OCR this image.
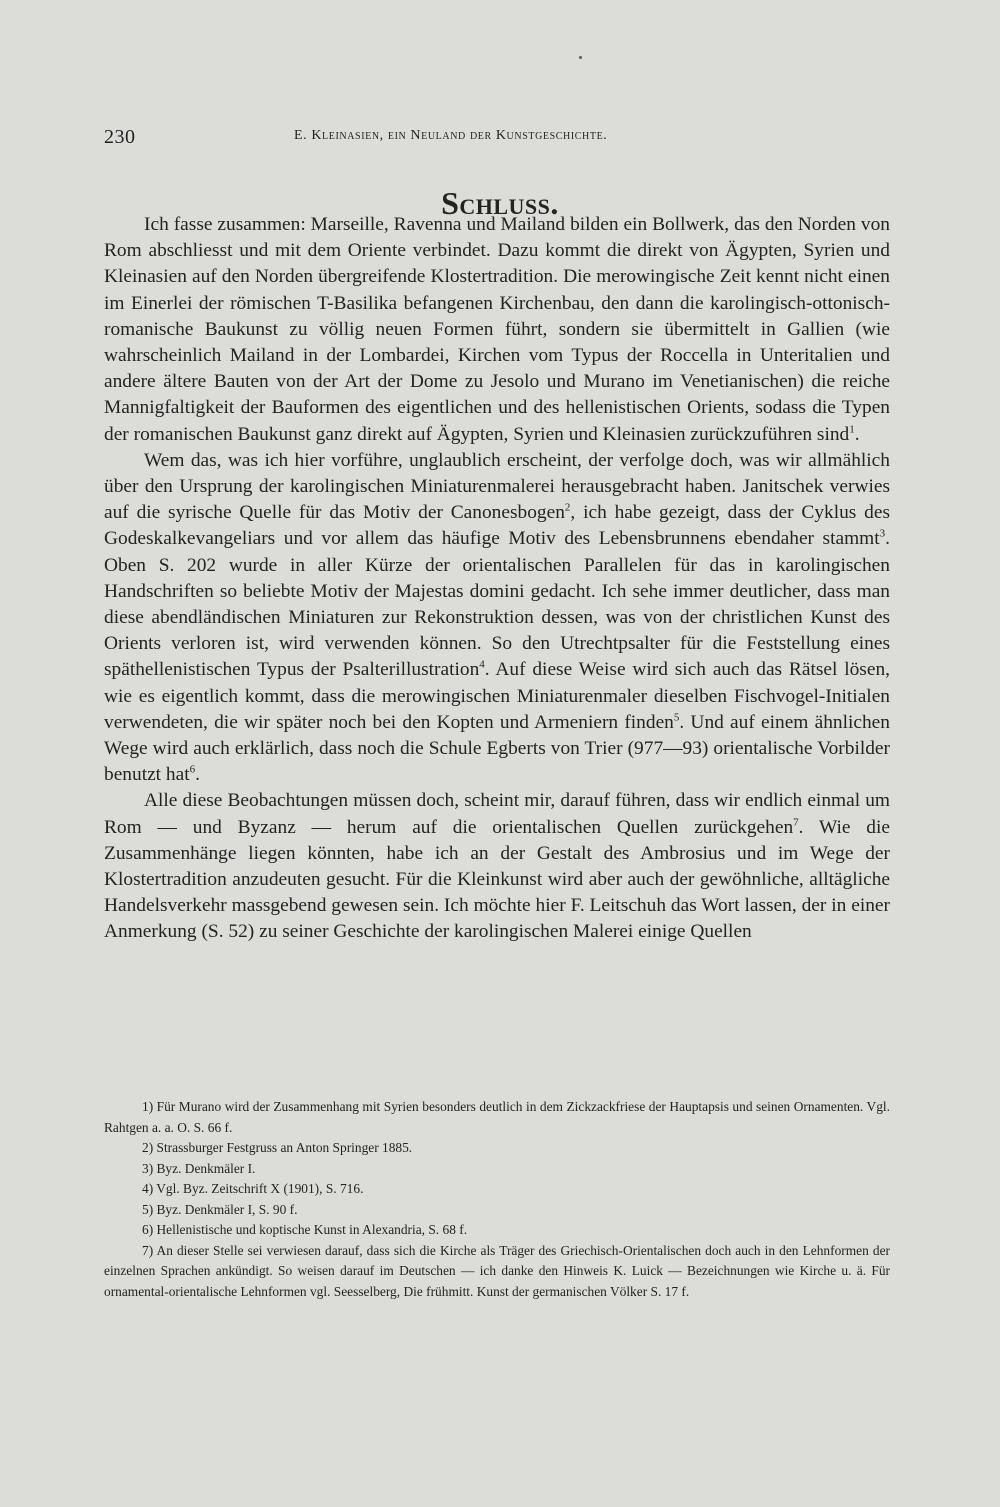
230	E. Kleinasien, ein Neuland der Kunstgeschichte.
Schluss.

Ich fasse zusammen: Marseille, Ravenna und Mailand bilden ein Bollwerk, das den Norden von Rom abschliesst und mit dem Oriente verbindet. Dazu kommt die direkt von Ägypten, Syrien und Kleinasien auf den Norden übergreifende Klostertradition. Die merowingische Zeit kennt nicht einen im Einerlei der römischen T-Basilika befangenen Kirchenbau, den dann die karolingisch-ottonisch-romanische Baukunst zu völlig neuen Formen führt, sondern sie übermittelt in Gallien (wie wahrscheinlich Mailand in der Lombardei, Kirchen vom Typus der Roccella in Unteritalien und andere ältere Bauten von der Art der Dome zu Jesolo und Murano im Venetianischen) die reiche Mannigfaltigkeit der Bauformen des eigentlichen und des hellenistischen Orients, sodass die Typen der romanischen Baukunst ganz direkt auf Ägypten, Syrien und Kleinasien zurückzuführen sind$^1$.

Wem das, was ich hier vorführe, unglaublich erscheint, der verfolge doch, was wir allmählich über den Ursprung der karolingischen Miniaturenmalerei herausgebracht haben. Janitschek verwies auf die syrische Quelle für das Motiv der Canonesbogen$^2$, ich habe gezeigt, dass der Cyklus des Godeskalkevangeliars und vor allem das häufige Motiv des Lebensbrunnens ebendaher stammt$^3$. Oben S. 202 wurde in aller Kürze der orientalischen Parallelen für das in karolingischen Handschriften so beliebte Motiv der Majestas domini gedacht. Ich sehe immer deutlicher, dass man diese abendländischen Miniaturen zur Rekonstruktion dessen, was von der christlichen Kunst des Orients verloren ist, wird verwenden können. So den Utrechtpsalter für die Feststellung eines späthellenistischen Typus der Psalterillustration$^4$. Auf diese Weise wird sich auch das Rätsel lösen, wie es eigentlich kommt, dass die merowingischen Miniaturenmaler dieselben Fischvogel-Initialen verwendeten, die wir später noch bei den Kopten und Armeniern finden$^5$. Und auf einem ähnlichen Wege wird auch erklärlich, dass noch die Schule Egberts von Trier (977—93) orientalische Vorbilder benutzt hat$^6$.

Alle diese Beobachtungen müssen doch, scheint mir, darauf führen, dass wir endlich einmal um Rom — und Byzanz — herum auf die orientalischen Quellen zurückgehen$^7$. Wie die Zusammenhänge liegen könnten, habe ich an der Gestalt des Ambrosius und im Wege der Klostertradition anzudeuten gesucht. Für die Kleinkunst wird aber auch der gewöhnliche, alltägliche Handelsverkehr massgebend gewesen sein. Ich möchte hier F. Leitschuh das Wort lassen, der in einer Anmerkung (S. 52) zu seiner Geschichte der karolingischen Malerei einige Quellen

1) Für Murano wird der Zusammenhang mit Syrien besonders deutlich in dem Zickzackfriese der Hauptapsis und seinen Ornamenten. Vgl. Rahtgen a. a. O. S. 66 f.

2) Strassburger Festgruss an Anton Springer 1885.

3) Byz. Denkmäler I.

4) Vgl. Byz. Zeitschrift X (1901), S. 716.

5) Byz. Denkmäler I, S. 90 f.

6) Hellenistische und koptische Kunst in Alexandria, S. 68 f.

7) An dieser Stelle sei verwiesen darauf, dass sich die Kirche als Träger des Griechisch-Orientalischen doch auch in den Lehnformen der einzelnen Sprachen ankündigt. So weisen darauf im Deutschen — ich danke den Hinweis K. Luick — Bezeichnungen wie Kirche u. ä. Für ornamental-orientalische Lehnformen vgl. Seesselberg, Die frühmitt. Kunst der germanischen Völker S. 17 f.
